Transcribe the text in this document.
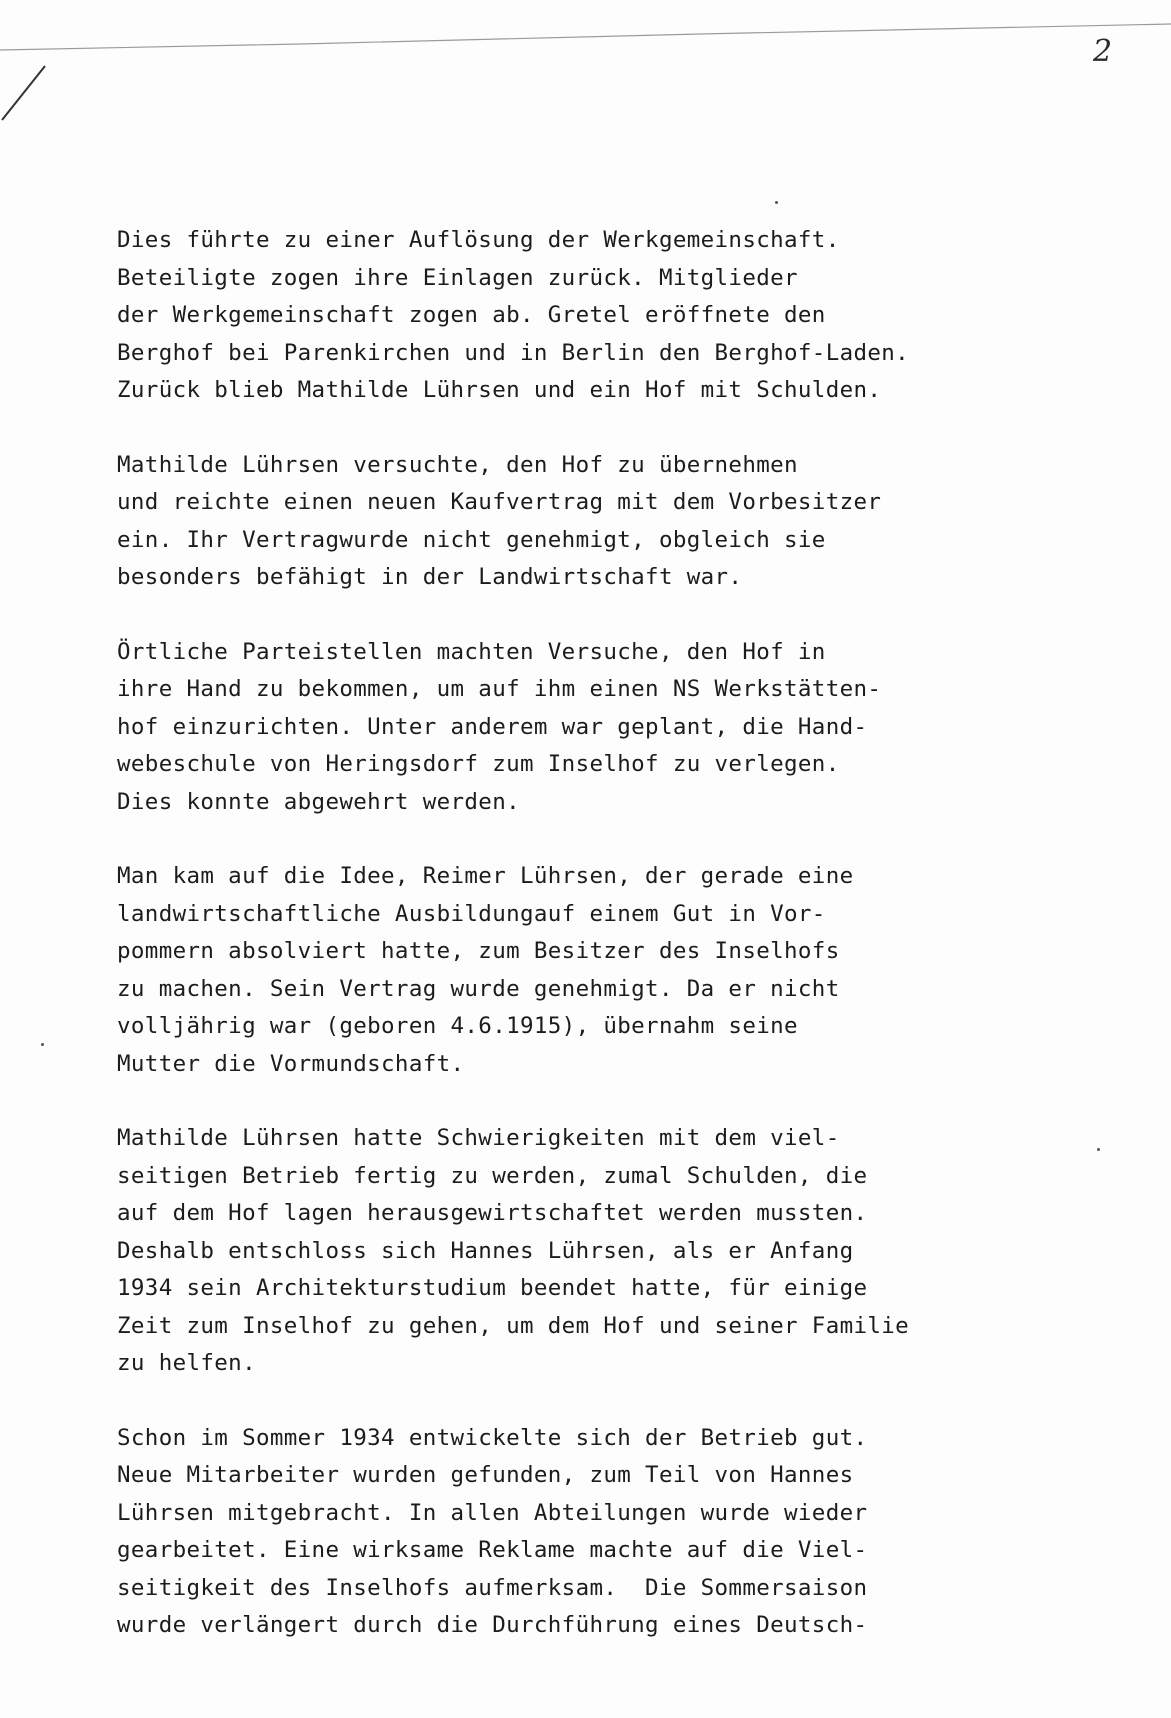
2
Dies führte zu einer Auflösung der Werkgemeinschaft.
Beteiligte zogen ihre Einlagen zurück. Mitglieder
der Werkgemeinschaft zogen ab. Gretel eröffnete den
Berghof bei Parenkirchen und in Berlin den Berghof-Laden.
Zurück blieb Mathilde Lührsen und ein Hof mit Schulden.
Mathilde Lührsen versuchte, den Hof zu übernehmen
und reichte einen neuen Kaufvertrag mit dem Vorbesitzer
ein. Ihr Vertragwurde nicht genehmigt, obgleich sie
besonders befähigt in der Landwirtschaft war.
Örtliche Parteistellen machten Versuche, den Hof in
ihre Hand zu bekommen, um auf ihm einen NS Werkstätten-
hof einzurichten. Unter anderem war geplant, die Hand-
webeschule von Heringsdorf zum Inselhof zu verlegen.
Dies konnte abgewehrt werden.
Man kam auf die Idee, Reimer Lührsen, der gerade eine
landwirtschaftliche Ausbildungauf einem Gut in Vor-
pommern absolviert hatte, zum Besitzer des Inselhofs
zu machen. Sein Vertrag wurde genehmigt. Da er nicht
volljährig war (geboren 4.6.1915), übernahm seine
Mutter die Vormundschaft.
Mathilde Lührsen hatte Schwierigkeiten mit dem viel-
seitigen Betrieb fertig zu werden, zumal Schulden, die
auf dem Hof lagen herausgewirtschaftet werden mussten.
Deshalb entschloss sich Hannes Lührsen, als er Anfang
1934 sein Architekturstudium beendet hatte, für einige
Zeit zum Inselhof zu gehen, um dem Hof und seiner Familie
zu helfen.
Schon im Sommer 1934 entwickelte sich der Betrieb gut.
Neue Mitarbeiter wurden gefunden, zum Teil von Hannes
Lührsen mitgebracht. In allen Abteilungen wurde wieder
gearbeitet. Eine wirksame Reklame machte auf die Viel-
seitigkeit des Inselhofs aufmerksam.  Die Sommersaison
wurde verlängert durch die Durchführung eines Deutsch-
